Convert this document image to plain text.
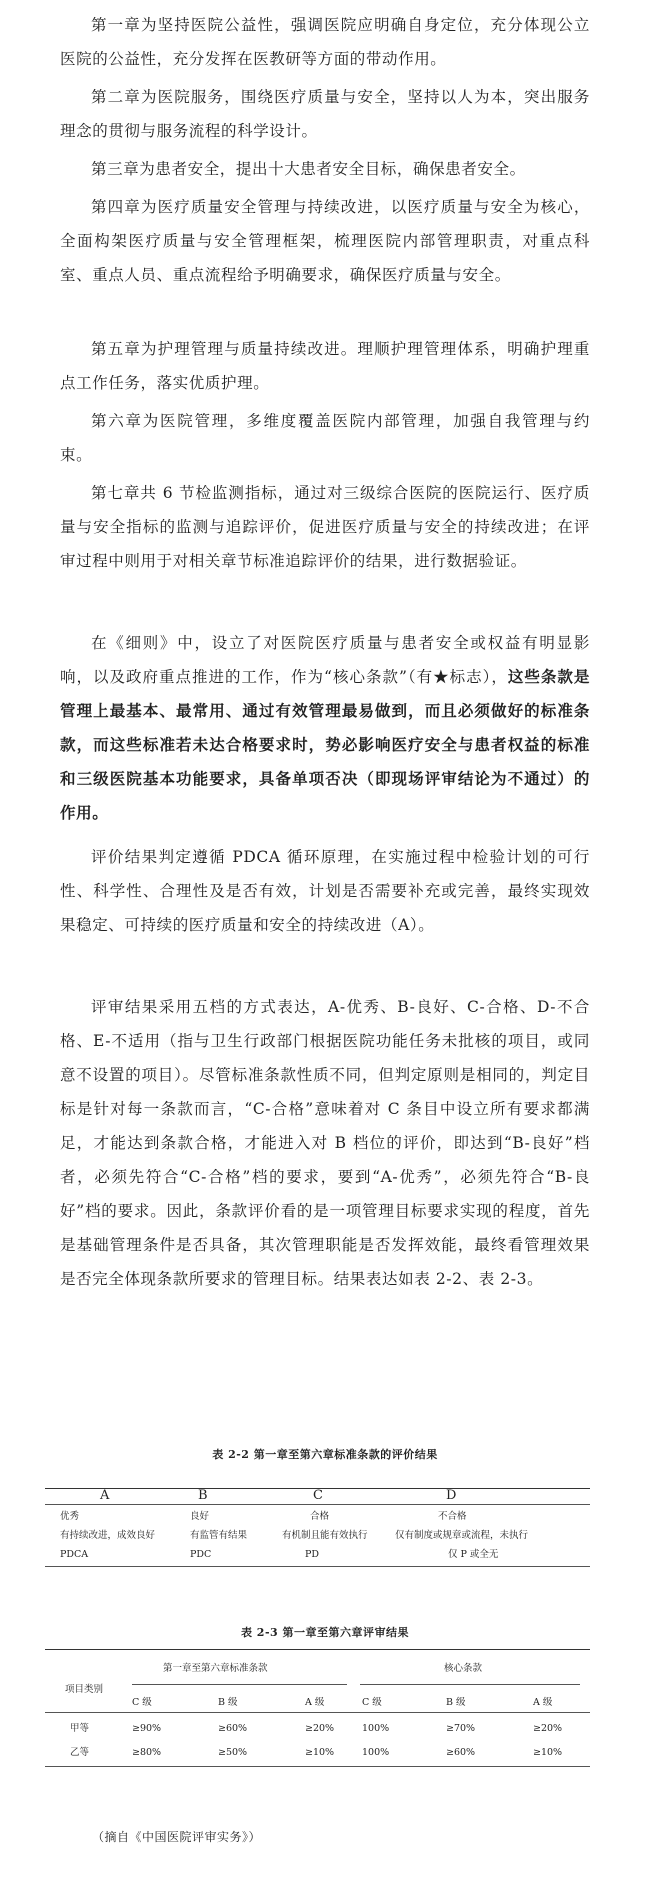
第一章为坚持医院公益性，强调医院应明确自身定位，充分体现公立医院的公益性，充分发挥在医教研等方面的带动作用。

第二章为医院服务，围绕医疗质量与安全，坚持以人为本，突出服务理念的贯彻与服务流程的科学设计。

第三章为患者安全，提出十大患者安全目标，确保患者安全。

第四章为医疗质量安全管理与持续改进，以医疗质量与安全为核心，全面构架医疗质量与安全管理框架，梳理医院内部管理职责，对重点科室、重点人员、重点流程给予明确要求，确保医疗质量与安全。

第五章为护理管理与质量持续改进。理顺护理管理体系，明确护理重点工作任务，落实优质护理。

第六章为医院管理，多维度覆盖医院内部管理，加强自我管理与约束。

第七章共 6 节检监测指标，通过对三级综合医院的医院运行、医疗质量与安全指标的监测与追踪评价，促进医疗质量与安全的持续改进；在评审过程中则用于对相关章节标准追踪评价的结果，进行数据验证。

在《细则》中，设立了对医院医疗质量与患者安全或权益有明显影响，以及政府重点推进的工作，作为“核心条款”（有★标志），这些条款是管理上最基本、最常用、通过有效管理最易做到，而且必须做好的标准条款，而这些标准若未达合格要求时，势必影响医疗安全与患者权益的标准和三级医院基本功能要求，具备单项否决（即现场评审结论为不通过）的作用。

评价结果判定遵循 PDCA 循环原理，在实施过程中检验计划的可行性、科学性、合理性及是否有效，计划是否需要补充或完善，最终实现效果稳定、可持续的医疗质量和安全的持续改进（A）。

评审结果采用五档的方式表达，A-优秀、B-良好、C-合格、D-不合格、E-不适用（指与卫生行政部门根据医院功能任务未批核的项目，或同意不设置的项目）。尽管标准条款性质不同，但判定原则是相同的，判定目标是针对每一条款而言，“C-合格”意味着对 C 条目中设立所有要求都满足，才能达到条款合格，才能进入对 B 档位的评价，即达到“B-良好”档者，必须先符合“C-合格”档的要求，要到“A-优秀”，必须先符合“B-良好”档的要求。因此，条款评价看的是一项管理目标要求实现的程度，首先是基础管理条件是否具备，其次管理职能是否发挥效能，最终看管理效果是否完全体现条款所要求的管理目标。结果表达如表 2-2、表 2-3。

表 2-2 第一章至第六章标准条款的评价结果
A	B	C	D
优秀	良好	合格	不合格
有持续改进，成效良好	有监管有结果	有机制且能有效执行	仅有制度或规章或流程，未执行
PDCA	PDC	PD	仅 P 或全无
表 2-3 第一章至第六章评审结果
第一章至第六章标准条款	核心条款
项目类别
C 级	B 级	A 级	C 级	B 级	A 级
甲等	≥90%	≥60%	≥20%	100%	≥70%	≥20%
乙等	≥80%	≥50%	≥10%	100%	≥60%	≥10%
（摘自《中国医院评审实务》）
